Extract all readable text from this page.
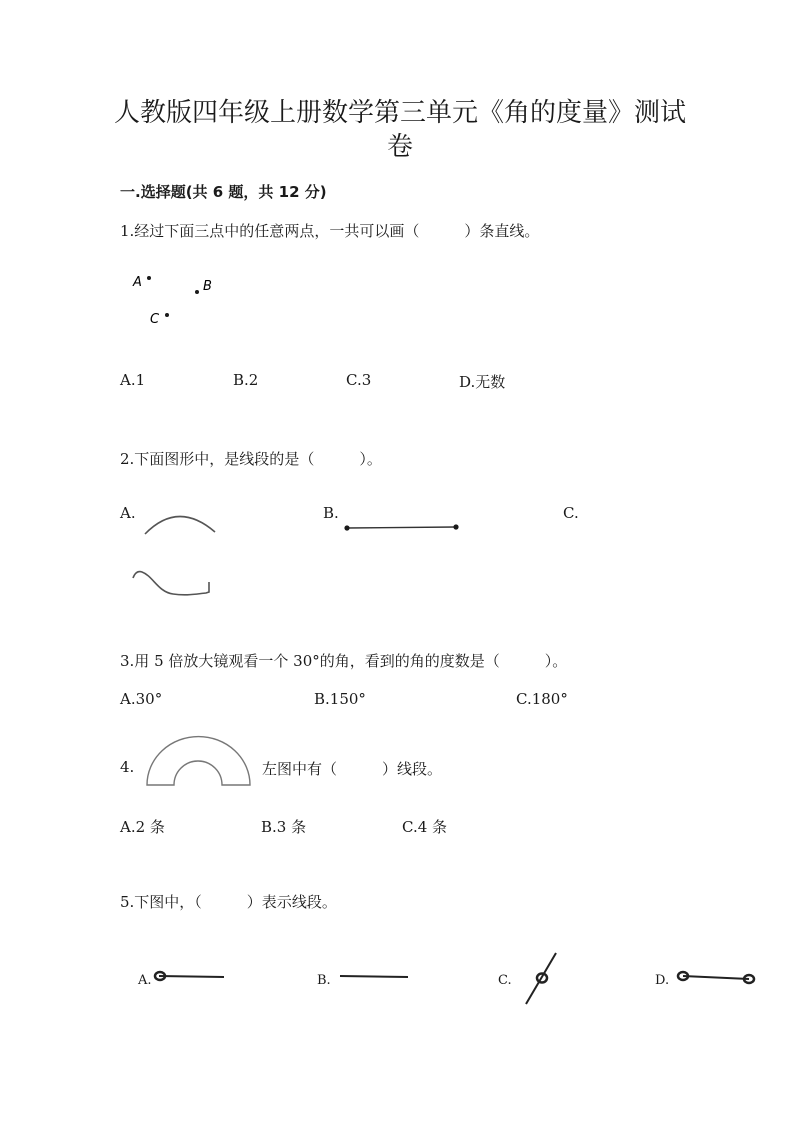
人教版四年级上册数学第三单元《角的度量》测试
卷
一.选择题(共 6 题，共 12 分)
1.经过下面三点中的任意两点，一共可以画（　　　）条直线。
A	B
C
A.1	B.2	C.3	D.无数
2.下面图形中，是线段的是（　　　）。
A.	B.	C.
3.用 5 倍放大镜观看一个 30°的角，看到的角的度数是（　　　）。
A.30°	B.150°	C.180°
4.	左图中有（　　　）线段。
A.2 条	B.3 条	C.4 条
5.下图中，（　　　）表示线段。
A.	B.	C.	D.
